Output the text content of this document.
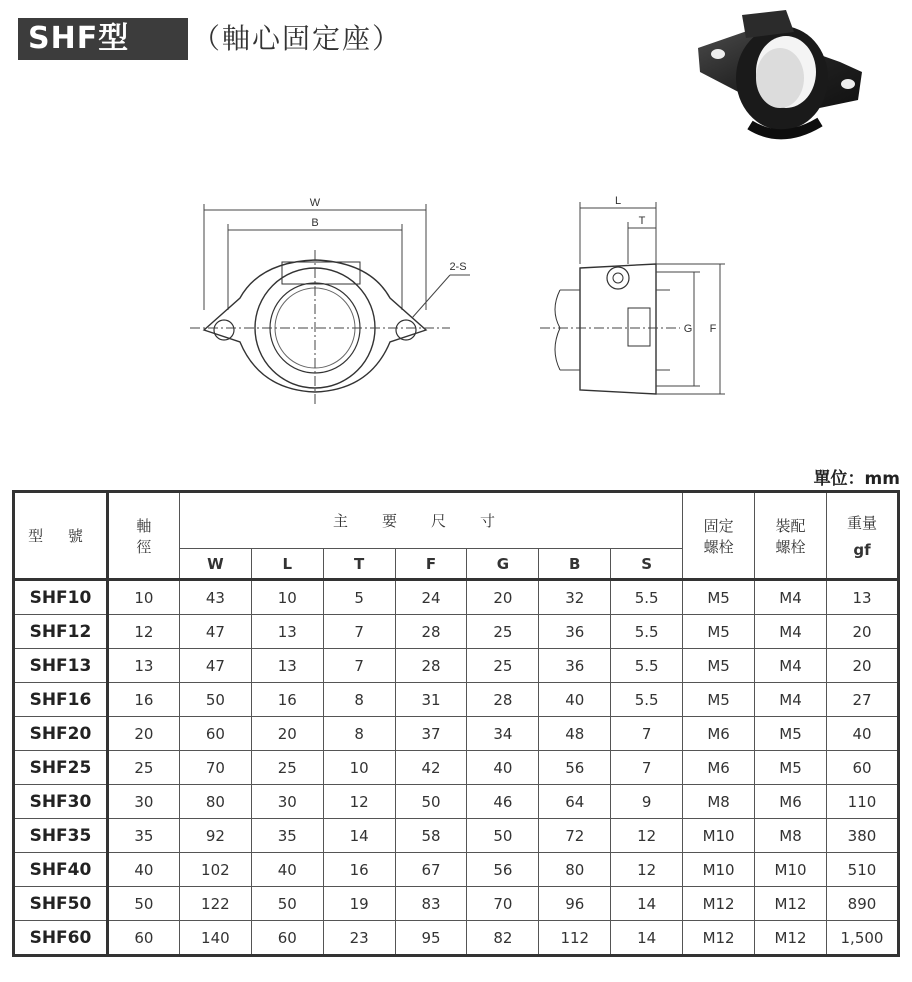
SHF型	（軸心固定座）
W
B
2-S
L
T
G F
單位：mm
型 號	軸徑	主要尺寸							固定螺栓	裝配螺栓	重量
gf

		W	L	T	F	G	B	S			
SHF10	10	43	10	5	24	20	32	5.5	M5	M4	13
SHF12	12	47	13	7	28	25	36	5.5	M5	M4	20
SHF13	13	47	13	7	28	25	36	5.5	M5	M4	20
SHF16	16	50	16	8	31	28	40	5.5	M5	M4	27
SHF20	20	60	20	8	37	34	48	7	M6	M5	40
SHF25	25	70	25	10	42	40	56	7	M6	M5	60
SHF30	30	80	30	12	50	46	64	9	M8	M6	110
SHF35	35	92	35	14	58	50	72	12	M10	M8	380
SHF40	40	102	40	16	67	56	80	12	M10	M10	510
SHF50	50	122	50	19	83	70	96	14	M12	M12	890
SHF60	60	140	60	23	95	82	112	14	M12	M12	1,500
